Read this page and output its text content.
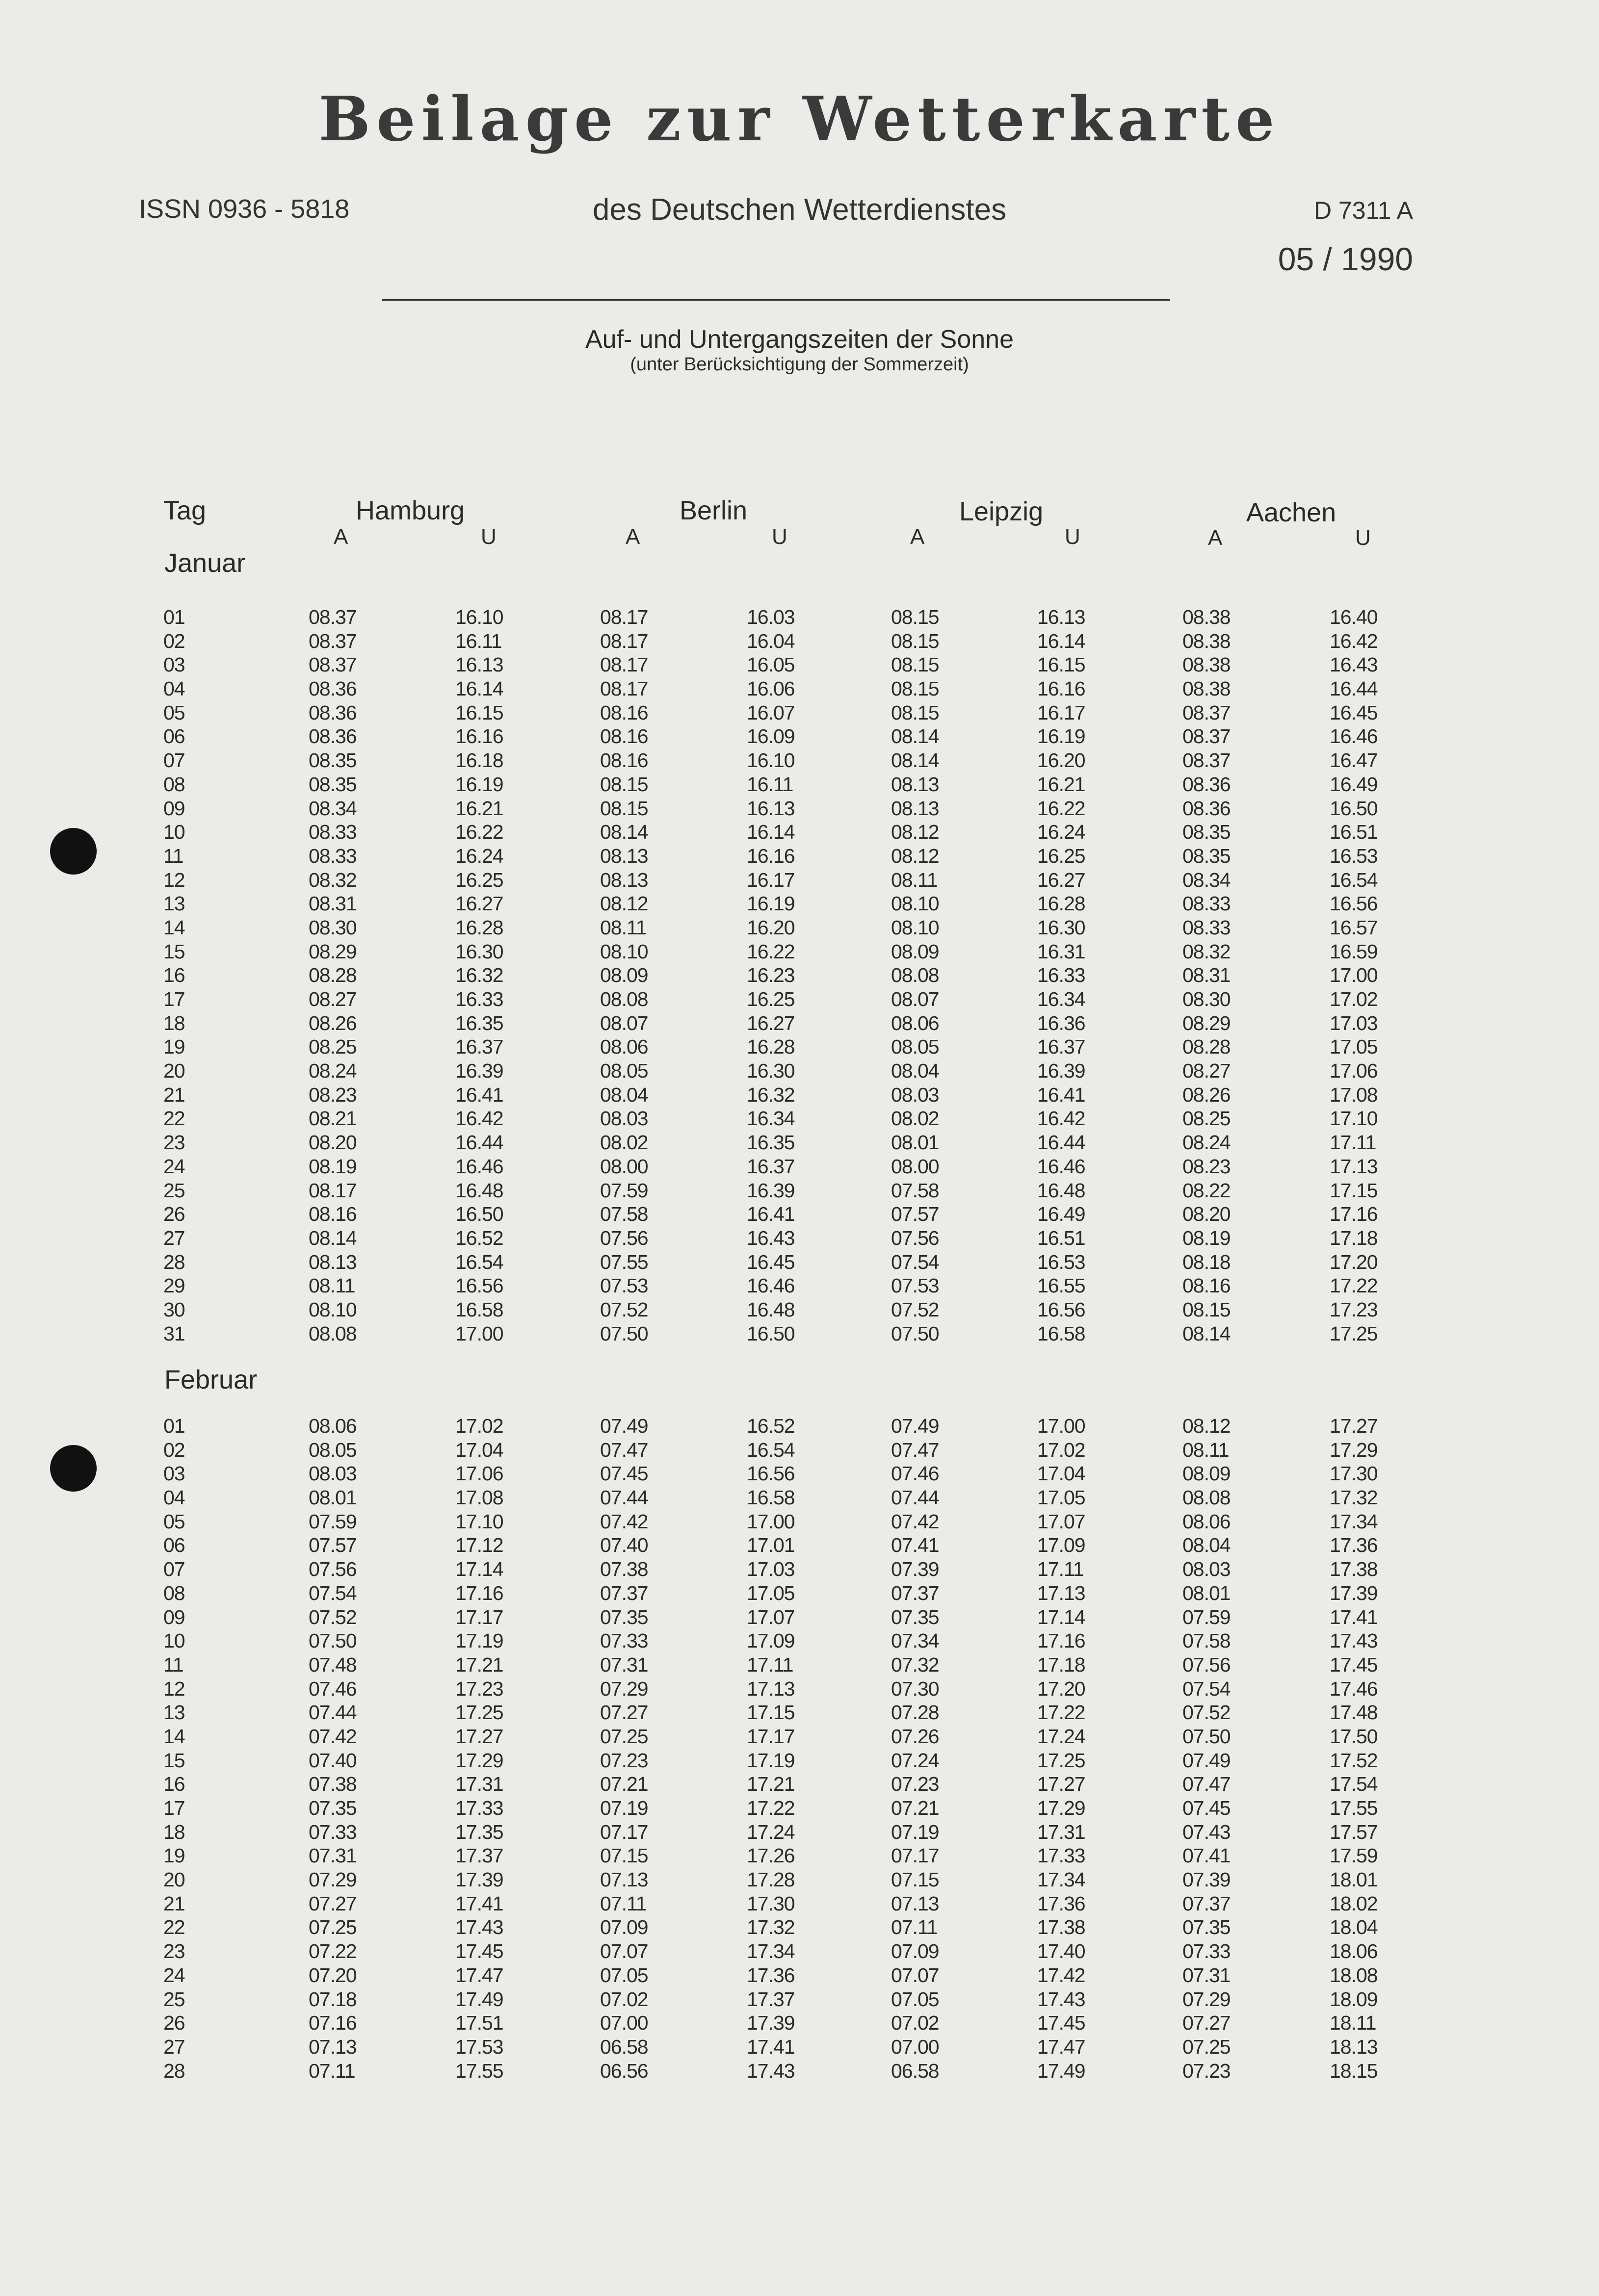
Beilage zur Wetterkarte
ISSN 0936 - 5818	des Deutschen Wetterdienstes	D 7311 A
05 / 1990
Auf- und Untergangszeiten der Sonne
(unter Berücksichtigung der Sommerzeit)
Tag	Hamburg	Berlin	Leipzig	Aachen
A	U	A	U	A	U	A	U
Januar
01	08.37	16.10	08.17	16.03	08.15	16.13	08.38	16.40
02	08.37	16.11	08.17	16.04	08.15	16.14	08.38	16.42
03	08.37	16.13	08.17	16.05	08.15	16.15	08.38	16.43
04	08.36	16.14	08.17	16.06	08.15	16.16	08.38	16.44
05	08.36	16.15	08.16	16.07	08.15	16.17	08.37	16.45
06	08.36	16.16	08.16	16.09	08.14	16.19	08.37	16.46
07	08.35	16.18	08.16	16.10	08.14	16.20	08.37	16.47
08	08.35	16.19	08.15	16.11	08.13	16.21	08.36	16.49
09	08.34	16.21	08.15	16.13	08.13	16.22	08.36	16.50
10	08.33	16.22	08.14	16.14	08.12	16.24	08.35	16.51
11	08.33	16.24	08.13	16.16	08.12	16.25	08.35	16.53
12	08.32	16.25	08.13	16.17	08.11	16.27	08.34	16.54
13	08.31	16.27	08.12	16.19	08.10	16.28	08.33	16.56
14	08.30	16.28	08.11	16.20	08.10	16.30	08.33	16.57
15	08.29	16.30	08.10	16.22	08.09	16.31	08.32	16.59
16	08.28	16.32	08.09	16.23	08.08	16.33	08.31	17.00
17	08.27	16.33	08.08	16.25	08.07	16.34	08.30	17.02
18	08.26	16.35	08.07	16.27	08.06	16.36	08.29	17.03
19	08.25	16.37	08.06	16.28	08.05	16.37	08.28	17.05
20	08.24	16.39	08.05	16.30	08.04	16.39	08.27	17.06
21	08.23	16.41	08.04	16.32	08.03	16.41	08.26	17.08
22	08.21	16.42	08.03	16.34	08.02	16.42	08.25	17.10
23	08.20	16.44	08.02	16.35	08.01	16.44	08.24	17.11
24	08.19	16.46	08.00	16.37	08.00	16.46	08.23	17.13
25	08.17	16.48	07.59	16.39	07.58	16.48	08.22	17.15
26	08.16	16.50	07.58	16.41	07.57	16.49	08.20	17.16
27	08.14	16.52	07.56	16.43	07.56	16.51	08.19	17.18
28	08.13	16.54	07.55	16.45	07.54	16.53	08.18	17.20
29	08.11	16.56	07.53	16.46	07.53	16.55	08.16	17.22
30	08.10	16.58	07.52	16.48	07.52	16.56	08.15	17.23
31	08.08	17.00	07.50	16.50	07.50	16.58	08.14	17.25
Februar
01	08.06	17.02	07.49	16.52	07.49	17.00	08.12	17.27
02	08.05	17.04	07.47	16.54	07.47	17.02	08.11	17.29
03	08.03	17.06	07.45	16.56	07.46	17.04	08.09	17.30
04	08.01	17.08	07.44	16.58	07.44	17.05	08.08	17.32
05	07.59	17.10	07.42	17.00	07.42	17.07	08.06	17.34
06	07.57	17.12	07.40	17.01	07.41	17.09	08.04	17.36
07	07.56	17.14	07.38	17.03	07.39	17.11	08.03	17.38
08	07.54	17.16	07.37	17.05	07.37	17.13	08.01	17.39
09	07.52	17.17	07.35	17.07	07.35	17.14	07.59	17.41
10	07.50	17.19	07.33	17.09	07.34	17.16	07.58	17.43
11	07.48	17.21	07.31	17.11	07.32	17.18	07.56	17.45
12	07.46	17.23	07.29	17.13	07.30	17.20	07.54	17.46
13	07.44	17.25	07.27	17.15	07.28	17.22	07.52	17.48
14	07.42	17.27	07.25	17.17	07.26	17.24	07.50	17.50
15	07.40	17.29	07.23	17.19	07.24	17.25	07.49	17.52
16	07.38	17.31	07.21	17.21	07.23	17.27	07.47	17.54
17	07.35	17.33	07.19	17.22	07.21	17.29	07.45	17.55
18	07.33	17.35	07.17	17.24	07.19	17.31	07.43	17.57
19	07.31	17.37	07.15	17.26	07.17	17.33	07.41	17.59
20	07.29	17.39	07.13	17.28	07.15	17.34	07.39	18.01
21	07.27	17.41	07.11	17.30	07.13	17.36	07.37	18.02
22	07.25	17.43	07.09	17.32	07.11	17.38	07.35	18.04
23	07.22	17.45	07.07	17.34	07.09	17.40	07.33	18.06
24	07.20	17.47	07.05	17.36	07.07	17.42	07.31	18.08
25	07.18	17.49	07.02	17.37	07.05	17.43	07.29	18.09
26	07.16	17.51	07.00	17.39	07.02	17.45	07.27	18.11
27	07.13	17.53	06.58	17.41	07.00	17.47	07.25	18.13
28	07.11	17.55	06.56	17.43	06.58	17.49	07.23	18.15
